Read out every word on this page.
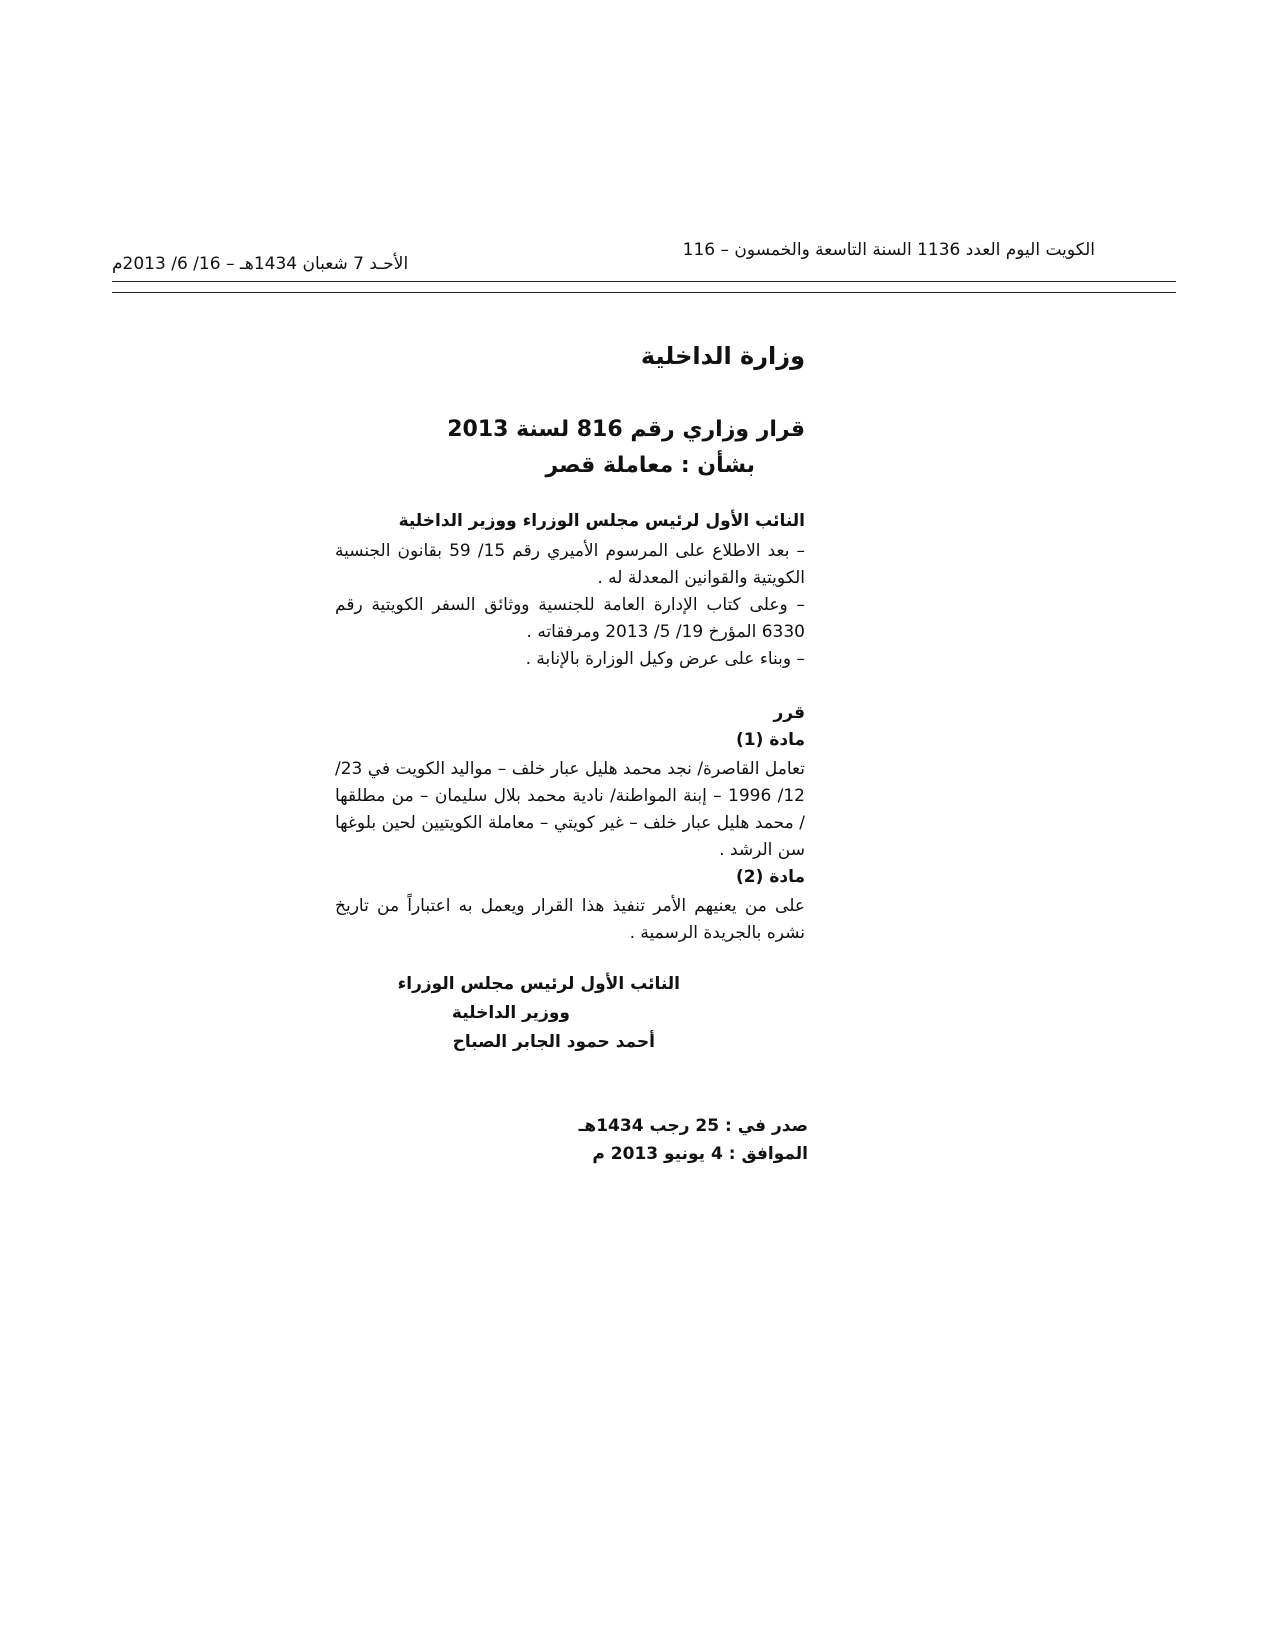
الكويت اليوم العدد 1136 السنة التاسعة والخمسون – 116
الأحـد 7 شعبان 1434هـ – 16/ 6/ 2013م
وزارة الداخلية
قرار وزاري رقم 816 لسنة 2013
بشأن : معاملة قصر
النائب الأول لرئيس مجلس الوزراء ووزير الداخلية
– بعد الاطلاع على المرسوم الأميري رقم 15/ 59 بقانون الجنسية الكويتية والقوانين المعدلة له .
– وعلى كتاب الإدارة العامة للجنسية ووثائق السفر الكويتية رقم 6330 المؤرخ 19/ 5/ 2013 ومرفقاته .
– وبناء على عرض وكيل الوزارة بالإنابة .
قرر
مادة (1)
تعامل القاصرة/ نجد محمد هليل عبار خلف – مواليد الكويت في 23/ 12/ 1996 – إبنة المواطنة/ نادية محمد بلال سليمان – من مطلقها / محمد هليل عبار خلف – غير كويتي – معاملة الكويتيين لحين بلوغها سن الرشد .
مادة (2)
على من يعنيهم الأمر تنفيذ هذا القرار ويعمل به اعتباراً من تاريخ نشره بالجريدة الرسمية .
النائب الأول لرئيس مجلس الوزراء
ووزير الداخلية
أحمد حمود الجابر الصباح
صدر في : 25 رجب 1434هـ
الموافق : 4 يونيو 2013 م
